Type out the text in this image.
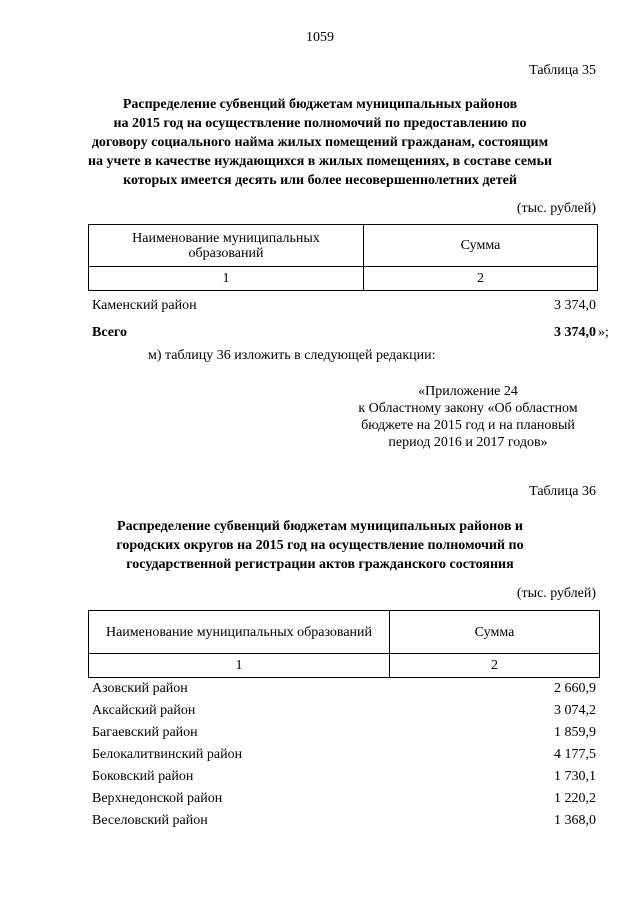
1059
Таблица 35
Распределение субвенций бюджетам муниципальных районов
на 2015 год на осуществление полномочий по предоставлению по
договору социального найма жилых помещений гражданам, состоящим
на учете в качестве нуждающихся в жилых помещениях, в составе семьи
которых имеется десять или более несовершеннолетних детей
(тыс. рублей)
Наименование муниципальных образований	Сумма
1	2
Каменский район	3 374,0
Всего	3 374,0 »;
м) таблицу 36 изложить в следующей редакции:
«Приложение 24
к Областному закону «Об областном
бюджете на 2015 год и на плановый
период 2016 и 2017 годов»
Таблица 36
Распределение субвенций бюджетам муниципальных районов и
городских округов на 2015 год на осуществление полномочий по
государственной регистрации актов гражданского состояния
(тыс. рублей)
Наименование муниципальных образований	Сумма
1	2
Азовский район	2 660,9
Аксайский район	3 074,2
Багаевский район	1 859,9
Белокалитвинский район	4 177,5
Боковский район	1 730,1
Верхнедонской район	1 220,2
Веселовский район	1 368,0
